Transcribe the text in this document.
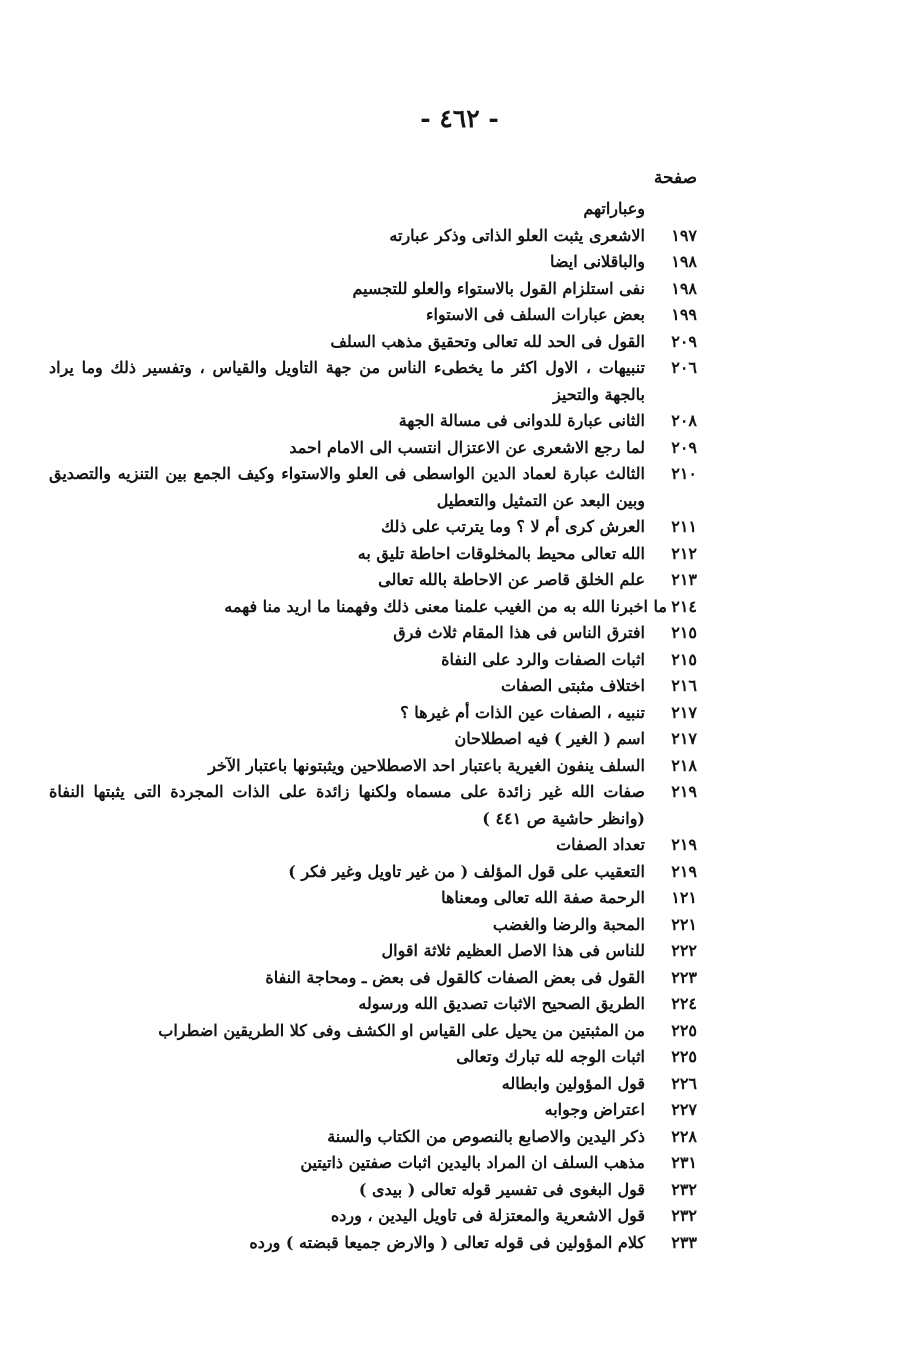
- ٤٦٢ -
صفحة
وعباراتهم
١٩٧
الاشعرى يثبت العلو الذاتى وذكر عبارته
١٩٨
والباقلانى ايضا
١٩٨
نفى استلزام القول بالاستواء والعلو للتجسيم
١٩٩
بعض عبارات السلف فى الاستواء
٢٠٩
القول فى الحد لله تعالى وتحقيق مذهب السلف
٢٠٦
تنبيهات ، الاول اكثر ما يخطىء الناس من جهة التاويل والقياس ، وتفسير ذلك وما يراد بالجهة والتحيز
٢٠٨
الثانى عبارة للدوانى فى مسالة الجهة
٢٠٩
لما رجع الاشعرى عن الاعتزال انتسب الى الامام احمد
٢١٠
الثالث عبارة لعماد الدين الواسطى فى العلو والاستواء وكيف الجمع بين التنزيه والتصديق وبين البعد عن التمثيل والتعطيل
٢١١
العرش كرى أم لا ؟ وما يترتب على ذلك
٢١٢
الله تعالى محيط بالمخلوقات احاطة تليق به
٢١٣
علم الخلق قاصر عن الاحاطة بالله تعالى
٢١٤
ما اخبرنا الله به من الغيب علمنا معنى ذلك وفهمنا ما اريد منا فهمه
٢١٥
افترق الناس فى هذا المقام ثلاث فرق
٢١٥
اثبات الصفات والرد على النفاة
٢١٦
اختلاف مثبتى الصفات
٢١٧
تنبيه ، الصفات عين الذات أم غيرها ؟
٢١٧
اسم ( الغير ) فيه اصطلاحان
٢١٨
السلف ينفون الغيرية باعتبار احد الاصطلاحين ويثبتونها باعتبار الآخر
٢١٩
صفات الله غير زائدة على مسماه ولكنها زائدة على الذات المجردة التى يثبتها النفاة (وانظر حاشية ص ٤٤١ )
٢١٩
تعداد الصفات
٢١٩
التعقيب على قول المؤلف ( من غير تاويل وغير فكر )
١٢١
الرحمة صفة الله تعالى ومعناها
٢٢١
المحبة والرضا والغضب
٢٢٢
للناس فى هذا الاصل العظيم ثلاثة اقوال
٢٢٣
القول فى بعض الصفات كالقول فى بعض ـ ومحاجة النفاة
٢٢٤
الطريق الصحيح الاثبات تصديق الله ورسوله
٢٢٥
من المثبتين من يحيل على القياس او الكشف وفى كلا الطريقين اضطراب
٢٢٥
اثبات الوجه لله تبارك وتعالى
٢٢٦
قول المؤولين وابطاله
٢٢٧
اعتراض وجوابه
٢٢٨
ذكر اليدين والاصابع بالنصوص من الكتاب والسنة
٢٣١
مذهب السلف ان المراد باليدين اثبات صفتين ذاتيتين
٢٣٢
قول البغوى فى تفسير قوله تعالى ( بيدى )
٢٣٢
قول الاشعرية والمعتزلة فى تاويل اليدين ، ورده
٢٣٣
كلام المؤولين فى قوله تعالى ( والارض جميعا قبضته ) ورده
